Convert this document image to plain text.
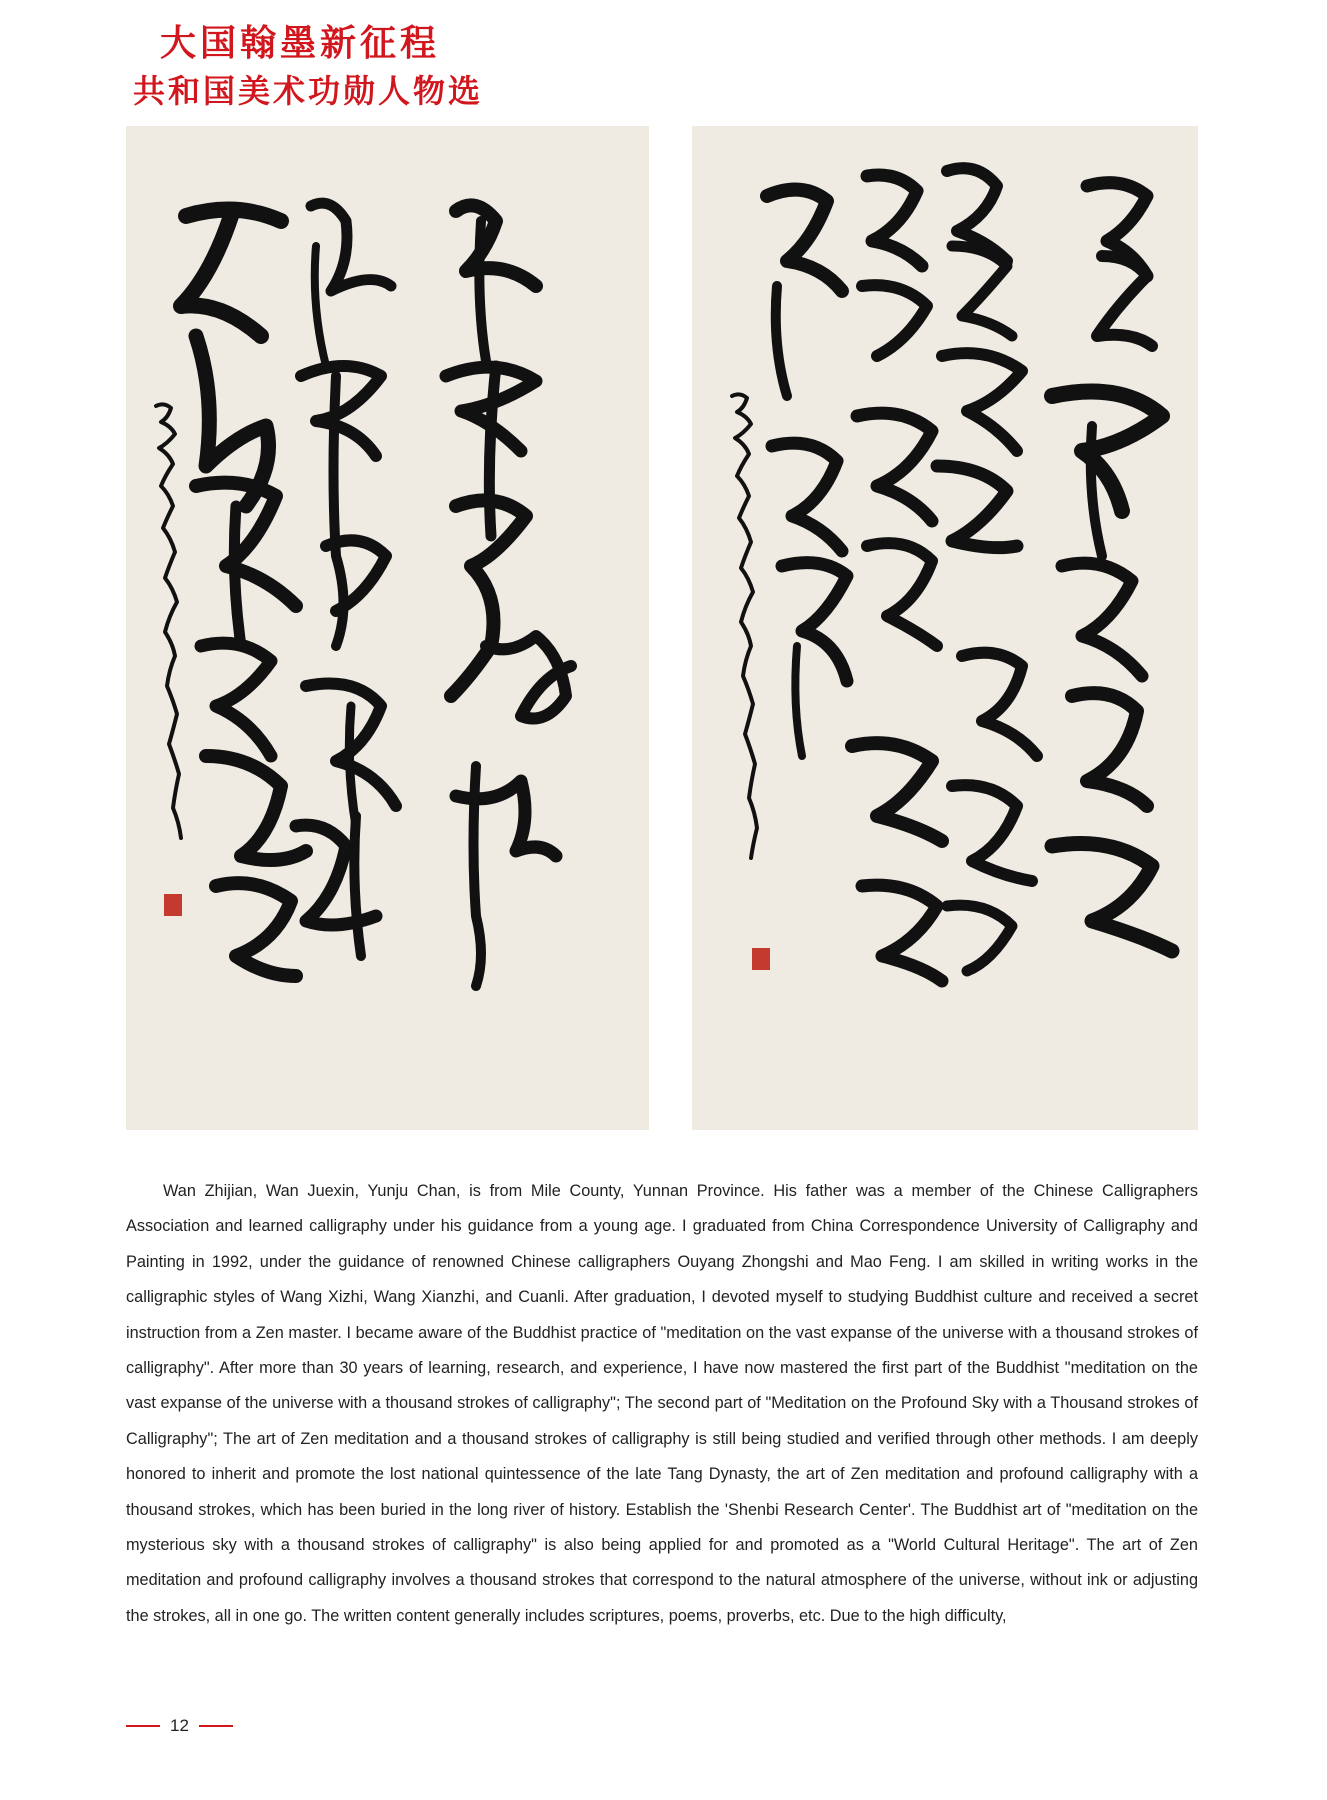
大国翰墨新征程
共和国美术功勋人物选

Wan Zhijian, Wan Juexin, Yunju Chan, is from Mile County, Yunnan Province. His father was a member of the Chinese Calligraphers Association and learned calligraphy under his guidance from a young age. I graduated from China Correspondence University of Calligraphy and Painting in 1992, under the guidance of renowned Chinese calligraphers Ouyang Zhongshi and Mao Feng. I am skilled in writing works in the calligraphic styles of Wang Xizhi, Wang Xianzhi, and Cuanli. After graduation, I devoted myself to studying Buddhist culture and received a secret instruction from a Zen master. I became aware of the Buddhist practice of "meditation on the vast expanse of the universe with a thousand strokes of calligraphy". After more than 30 years of learning, research, and experience, I have now mastered the first part of the Buddhist "meditation on the vast expanse of the universe with a thousand strokes of calligraphy"; The second part of "Meditation on the Profound Sky with a Thousand strokes of Calligraphy"; The art of Zen meditation and a thousand strokes of calligraphy is still being studied and verified through other methods. I am deeply honored to inherit and promote the lost national quintessence of the late Tang Dynasty, the art of Zen meditation and profound calligraphy with a thousand strokes, which has been buried in the long river of history. Establish the 'Shenbi Research Center'. The Buddhist art of "meditation on the mysterious sky with a thousand strokes of calligraphy" is also being applied for and promoted as a "World Cultural Heritage". The art of Zen meditation and profound calligraphy involves a thousand strokes that correspond to the natural atmosphere of the universe, without ink or adjusting the strokes, all in one go. The written content generally includes scriptures, poems, proverbs, etc. Due to the high difficulty,

12
